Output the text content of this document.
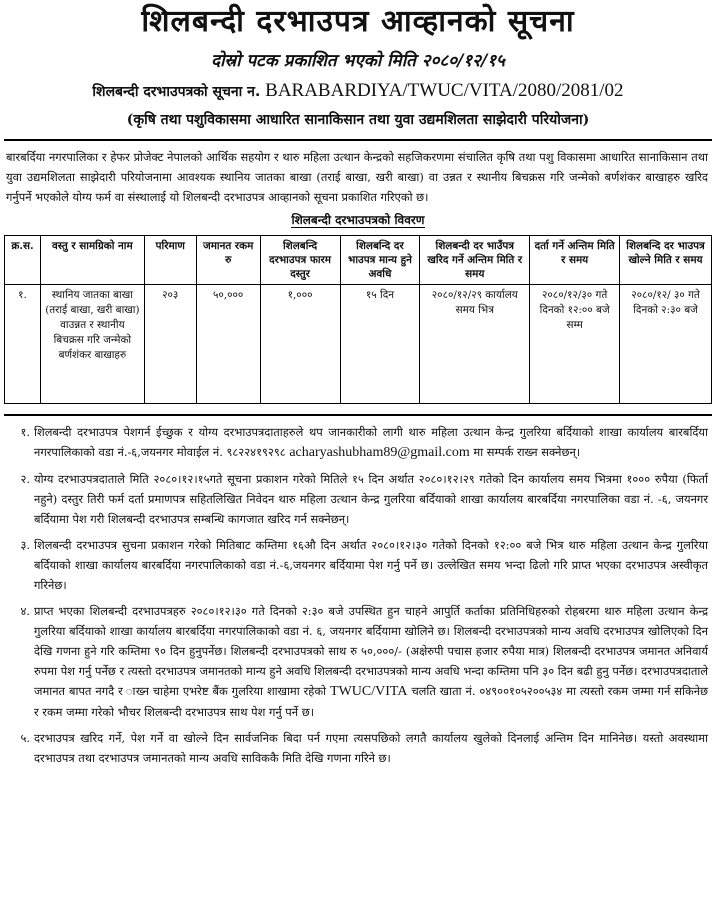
शिलबन्दी दरभाउपत्र आव्हानको सूचना
दोस्रो पटक प्रकाशित भएको मिति २०८०/१२/१५
शिलबन्दी दरभाउपत्रको सूचना न. BARABARDIYA/TWUC/VITA/2080/2081/02
(कृषि तथा पशुविकासमा आधारित सानाकिसान तथा युवा उद्यमशिलता साझेदारी परियोजना)
बारबर्दिया नगरपालिका र हेफर प्रोजेक्ट नेपालको आर्थिक सहयोग र थारु महिला उत्थान केन्द्रको सहजिकरणमा संचालित कृषि तथा पशु विकासमा आधारित सानाकिसान तथा युवा उद्यमशिलता साझेदारी परियोजनामा आवश्यक स्थानिय जातका बाखा (तराई बाखा, खरी बाखा) वा उन्नत र स्थानीय बिचक्रस गरि जन्मेको बर्णशंकर बाखाहरु खरिद गर्नुपर्ने भएकोले योग्य फर्म वा संस्थालाई यो शिलबन्दी दरभाउपत्र आव्हानको सूचना प्रकाशित गरिएको छ।
शिलबन्दी दरभाउपत्रको विवरण
क्र.स.	वस्तु र सामग्रिको नाम	परिमाण	जमानत रकम रु	शिलबन्दि दरभाउपत्र फारम दस्तुर	शिलबन्दि दर भाउपत्र मान्य हुने अवधि	शिलबन्दी दर भाउँपत्र खरिद गर्ने अन्तिम मिति र समय	दर्ता गर्ने अन्तिम मिति र समय	शिलबन्दि दर भाउपत्र खोल्ने मिति र समय
१.	स्थानिय जातका बाखा (तराई बाखा, खरी बाखा) वाउन्नत र स्थानीय बिचक्रस गरि जन्मेको बर्णशंकर बाखाहरु	२०३	५०,०००	१,०००	१५ दिन	२०८०/१२/२९ कार्यालय समय भित्र	२०८०/१२/३० गते दिनको १२:०० बजे सम्म	२०८०/१२/ ३० गते दिनको २:३० बजे
१. शिलबन्दी दरभाउपत्र पेशगर्न ईच्छुक र योग्य दरभाउपत्रदाताहरुले थप जानकारीको लागी थारु महिला उत्थान केन्द्र गुलरिया बर्दियाको शाखा कार्यालय बारबर्दिया नगरपालिकाको वडा नं.-६,जयनगर मोवाईल नं. ९८२२४१९२९८ acharyashubham89@gmail.com मा सम्पर्क राख्न सक्नेछन्।
२. योग्य दरभाउपत्रदाताले मिति २०८०।१२।१५गते सूचना प्रकाशन गरेको मितिले १५ दिन अर्थात २०८०।१२।२९ गतेको दिन कार्यालय समय भित्रमा १००० रुपैया (फिर्ता नहुने) दस्तुर तिरी फर्म दर्ता प्रमाणपत्र सहितलिखित निवेदन थारु महिला उत्थान केन्द्र गुलरिया बर्दियाको शाखा कार्यालय बारबर्दिया नगरपालिका वडा नं. -६, जयनगर बर्दियामा पेश गरी शिलबन्दी दरभाउपत्र सम्बन्धि कागजात खरिद गर्न सक्नेछन्।
३. शिलबन्दी दरभाउपत्र सुचना प्रकाशन गरेको मितिबाट कम्तिमा १६औ दिन अर्थात २०८०।१२।३० गतेको दिनको १२:०० बजे भित्र थारु महिला उत्थान केन्द्र गुलरिया बर्दियाको शाखा कार्यालय बारबर्दिया नगरपालिकाको वडा नं.-६,जयनगर बर्दियामा पेश गर्नु पर्ने छ। उल्लेखित समय भन्दा ढिलो गरि प्राप्त भएका दरभाउपत्र अस्वीकृत गरिनेछ।
४. प्राप्त भएका शिलबन्दी दरभाउपत्रहरु २०८०।१२।३० गते दिनको २:३० बजे उपस्थित हुन चाहने आपुर्ति कर्ताका प्रतिनिधिहरुको रोहबरमा थारु महिला उत्थान केन्द्र गुलरिया बर्दियाको शाखा कार्यालय बारबर्दिया नगरपालिकाको वडा नं. ६, जयनगर बर्दियामा खोलिने छ। शिलबन्दी दरभाउपत्रको मान्य अवधि दरभाउपत्र खोलिएको दिन देखि गणना हुने गरि कम्तिमा ९० दिन हुनुपर्नेछ। शिलबन्दी दरभाउपत्रको साथ रु ५०,०००/- (अक्षेरुपी पचास हजार रुपैया मात्र) शिलबन्दी दरभाउपत्र जमानत अनिवार्य रुपमा पेश गर्नु पर्नेछ र त्यस्तो दरभाउपत्र जमानतको मान्य हुने अवधि शिलबन्दी दरभाउपत्रको मान्य अवधि भन्दा कम्तिमा पनि ३० दिन बढी हुनु पर्नेछ। दरभाउपत्रदाताले जमानत बापत नगदै र ाख्न चाहेमा एभरेष्ट बैंक गुलरिया शाखामा रहेको TWUC/VITA चलति खाता नं. ०४९००१०५२००५३४ मा त्यस्तो रकम जम्मा गर्न सकिनेछ र रकम जम्मा गरेको भौचर शिलबन्दी दरभाउपत्र साथ पेश गर्नु पर्ने छ।
५. दरभाउपत्र खरिद गर्ने, पेश गर्ने वा खोल्ने दिन सार्वजनिक बिदा पर्न गएमा त्यसपछिको लगतै कार्यालय खुलेको दिनलाई अन्तिम दिन मानिनेछ। यस्तो अवस्थामा दरभाउपत्र तथा दरभाउपत्र जमानतको मान्य अवधि साविककै मिति देखि गणना गरिने छ।
